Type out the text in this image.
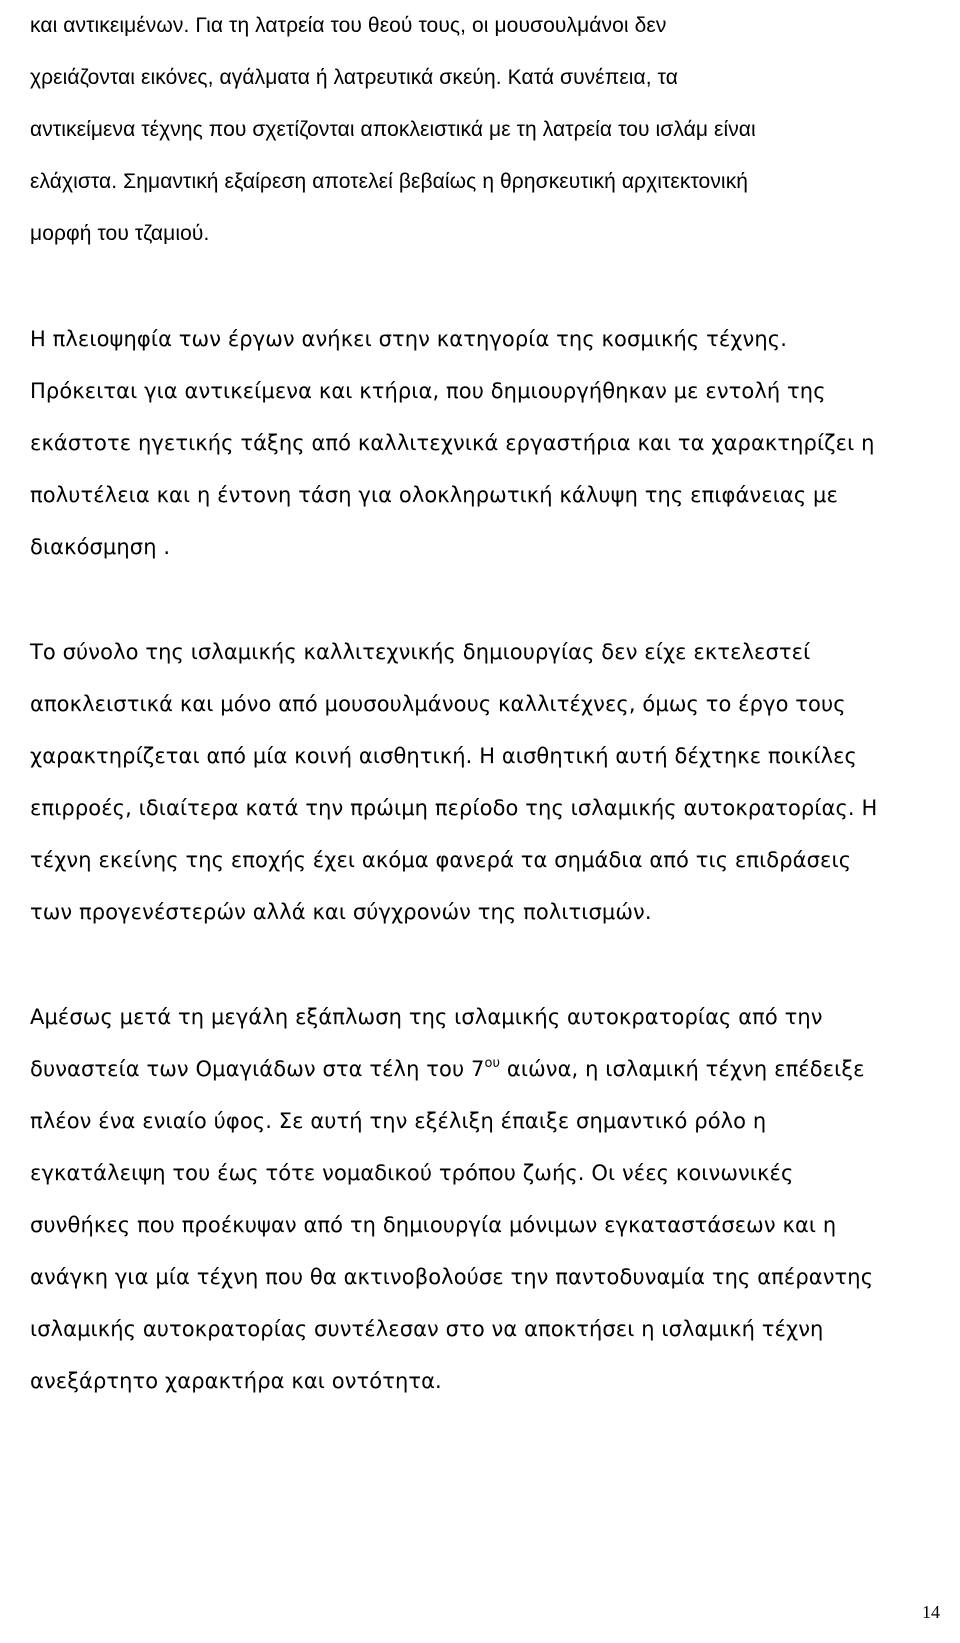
και αντικειμένων. Για τη λατρεία του θεού τους, οι μουσουλμάνοι δεν
χρειάζονται εικόνες, αγάλματα ή λατρευτικά σκεύη. Κατά συνέπεια, τα
αντικείμενα τέχνης που σχετίζονται αποκλειστικά με τη λατρεία του ισλάμ είναι
ελάχιστα. Σημαντική εξαίρεση αποτελεί βεβαίως η θρησκευτική αρχιτεκτονική
μορφή του τζαμιού.
Η πλειοψηφία των έργων ανήκει στην κατηγορία της κοσμικής τέχνης.
Πρόκειται για αντικείμενα και κτήρια, που δημιουργήθηκαν με εντολή της
εκάστοτε ηγετικής τάξης από καλλιτεχνικά εργαστήρια και τα χαρακτηρίζει η
πολυτέλεια και η έντονη τάση για ολοκληρωτική κάλυψη της επιφάνειας με
διακόσμηση .
Το σύνολο της ισλαμικής καλλιτεχνικής δημιουργίας δεν είχε εκτελεστεί
αποκλειστικά και μόνο από μουσουλμάνους καλλιτέχνες, όμως το έργο τους
χαρακτηρίζεται από μία κοινή αισθητική. Η αισθητική αυτή δέχτηκε ποικίλες
επιρροές, ιδιαίτερα κατά την πρώιμη περίοδο της ισλαμικής αυτοκρατορίας. Η
τέχνη εκείνης της εποχής έχει ακόμα φανερά τα σημάδια από τις επιδράσεις
των προγενέστερών αλλά και σύγχρονών της πολιτισμών.
Αμέσως μετά τη μεγάλη εξάπλωση της ισλαμικής αυτοκρατορίας από την
δυναστεία των Ομαγιάδων στα τέλη του $7^{o\upsilon}$ αιώνα, η ισλαμική τέχνη επέδειξε
πλέον ένα ενιαίο ύφος. Σε αυτή την εξέλιξη έπαιξε σημαντικό ρόλο η
εγκατάλειψη του έως τότε νομαδικού τρόπου ζωής. Οι νέες κοινωνικές
συνθήκες που προέκυψαν από τη δημιουργία μόνιμων εγκαταστάσεων και η
ανάγκη για μία τέχνη που θα ακτινοβολούσε την παντοδυναμία της απέραντης
ισλαμικής αυτοκρατορίας συντέλεσαν στο να αποκτήσει η ισλαμική τέχνη
ανεξάρτητο χαρακτήρα και οντότητα.
14
